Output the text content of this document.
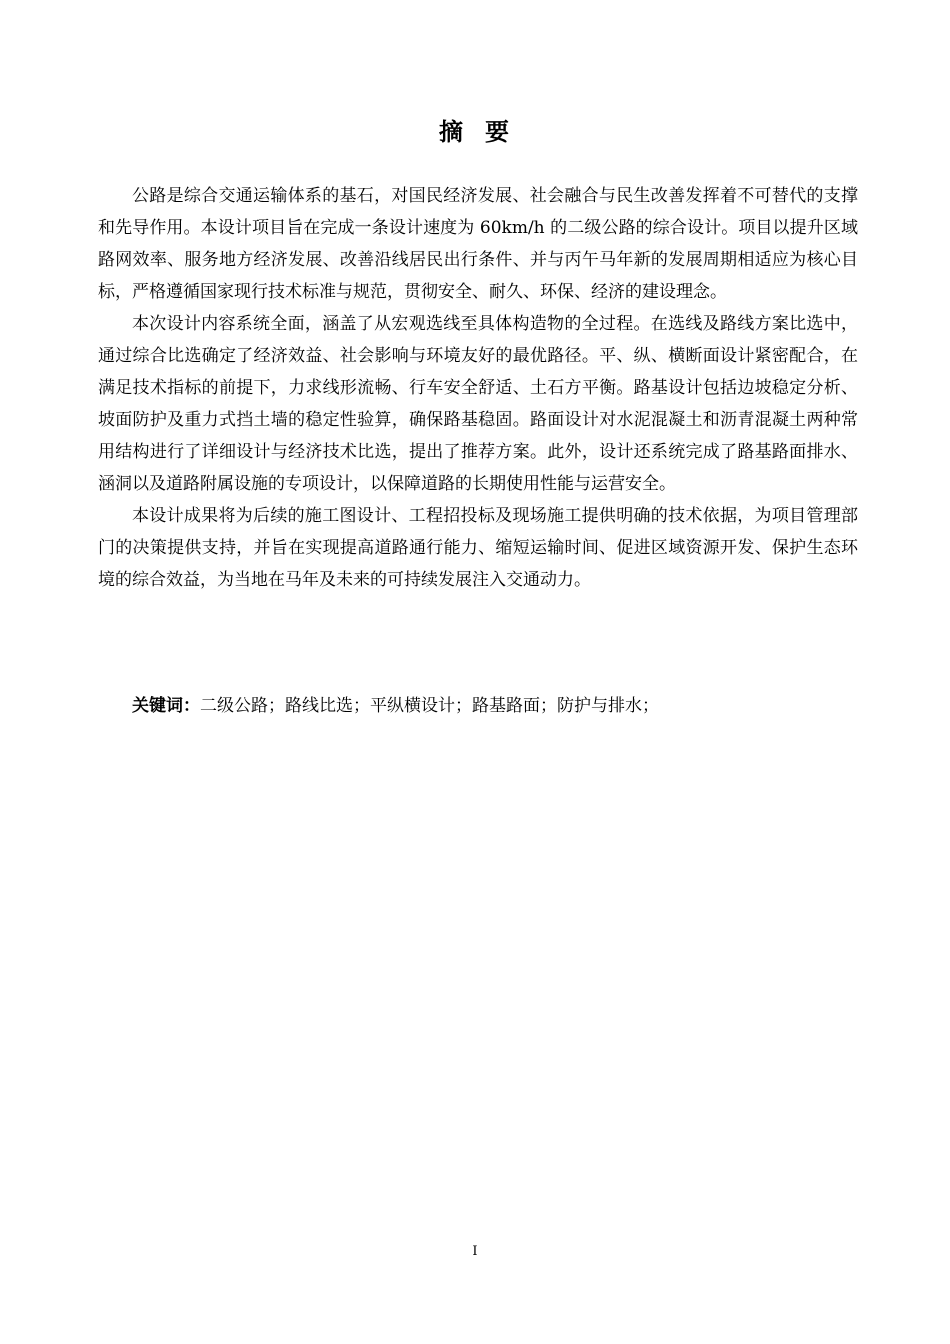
摘 要

公路是综合交通运输体系的基石，对国民经济发展、社会融合与民生改善发挥着不可替代的支撑和先导作用。本设计项目旨在完成一条设计速度为 60km/h 的二级公路的综合设计。项目以提升区域路网效率、服务地方经济发展、改善沿线居民出行条件、并与丙午马年新的发展周期相适应为核心目标，严格遵循国家现行技术标准与规范，贯彻安全、耐久、环保、经济的建设理念。

本次设计内容系统全面，涵盖了从宏观选线至具体构造物的全过程。在选线及路线方案比选中，通过综合比选确定了经济效益、社会影响与环境友好的最优路径。平、纵、横断面设计紧密配合，在满足技术指标的前提下，力求线形流畅、行车安全舒适、土石方平衡。路基设计包括边坡稳定分析、坡面防护及重力式挡土墙的稳定性验算，确保路基稳固。路面设计对水泥混凝土和沥青混凝土两种常用结构进行了详细设计与经济技术比选，提出了推荐方案。此外，设计还系统完成了路基路面排水、涵洞以及道路附属设施的专项设计，以保障道路的长期使用性能与运营安全。

本设计成果将为后续的施工图设计、工程招投标及现场施工提供明确的技术依据，为项目管理部门的决策提供支持，并旨在实现提高道路通行能力、缩短运输时间、促进区域资源开发、保护生态环境的综合效益，为当地在马年及未来的可持续发展注入交通动力。

关键词：二级公路；路线比选；平纵横设计；路基路面；防护与排水；
I
